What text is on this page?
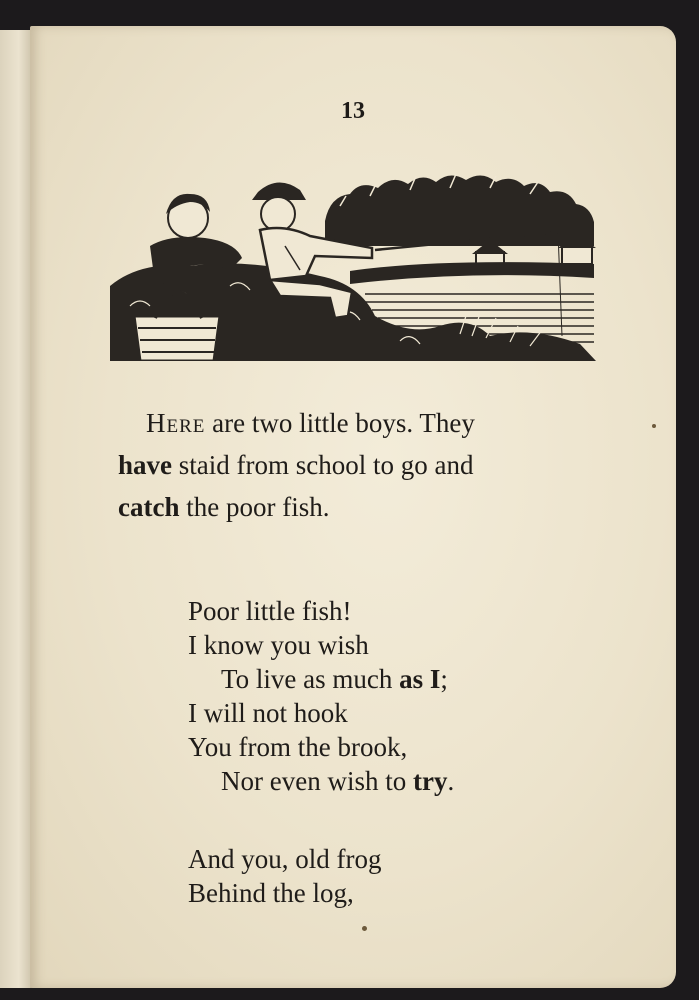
13
Here are two little boys. They
have staid from school to go and
catch the poor fish.
Poor little fish!
I know you wish
To live as much as I;
I will not hook
You from the brook,
Nor even wish to try.
And you, old frog
Behind the log,
